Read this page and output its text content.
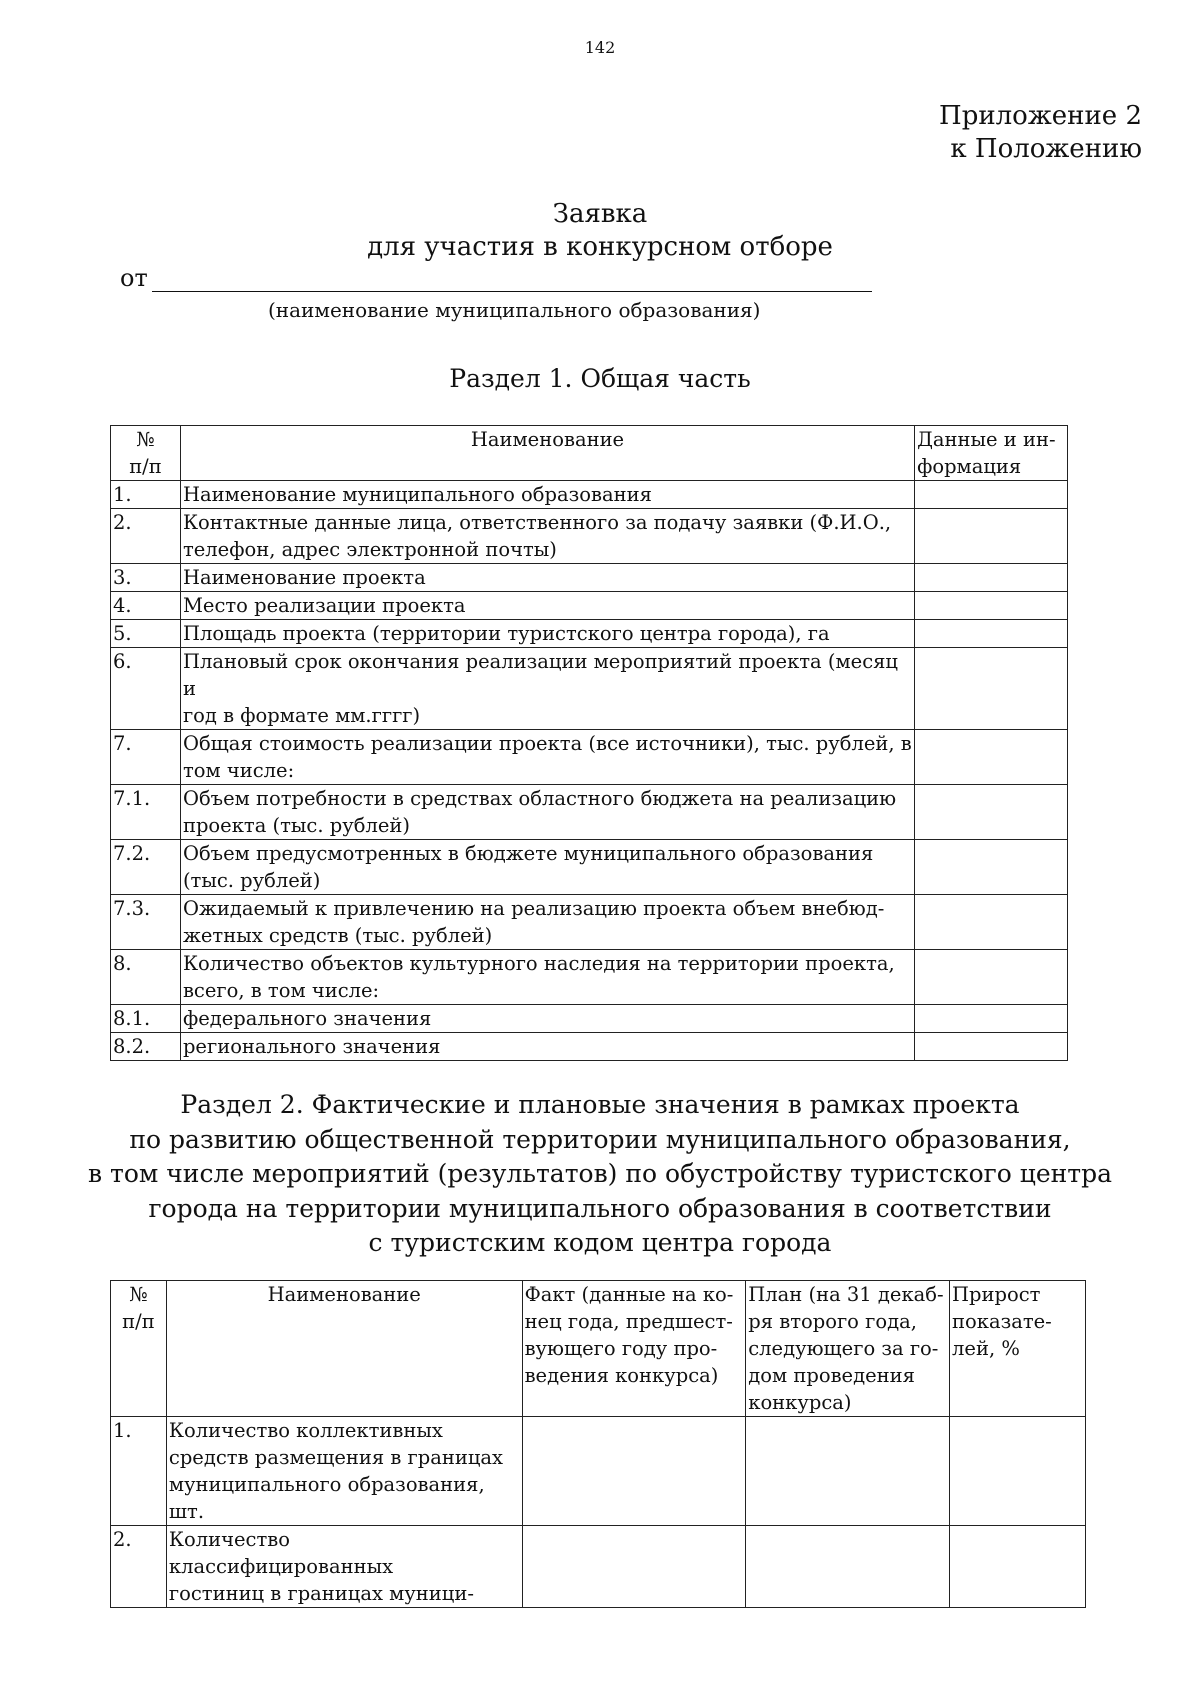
142
Приложение 2
к Положению
Заявка
для участия в конкурсном отборе
от
(наименование муниципального образования)
Раздел 1. Общая часть
№
п/п	Наименование	Данные и ин-
формация
1.	Наименование муниципального образования	
2.	Контактные данные лица, ответственного за подачу заявки (Ф.И.О.,
телефон, адрес электронной почты)	
3.	Наименование проекта	
4.	Место реализации проекта	
5.	Площадь проекта (территории туристского центра города), га	
6.	Плановый срок окончания реализации мероприятий проекта (месяц и
год в формате мм.гггг)	
7.	Общая стоимость реализации проекта (все источники), тыс. рублей, в
том числе:	
7.1.	Объем потребности в средствах областного бюджета на реализацию
проекта (тыс. рублей)	
7.2.	Объем предусмотренных в бюджете муниципального образования
(тыс. рублей)	
7.3.	Ожидаемый к привлечению на реализацию проекта объем внебюд-
жетных средств (тыс. рублей)	
8.	Количество объектов культурного наследия на территории проекта,
всего, в том числе:	
8.1.	федерального значения	
8.2.	регионального значения	
Раздел 2. Фактические и плановые значения в рамках проекта
по развитию общественной территории муниципального образования,
в том числе мероприятий (результатов) по обустройству туристского центра
города на территории муниципального образования в соответствии
с туристским кодом центра города
№
п/п	Наименование	Факт (данные на ко-
нец года, предшест-
вующего году про-
ведения конкурса)	План (на 31 декаб-
ря второго года,
следующего за го-
дом проведения
конкурса)	Прирост
показате-
лей, %
1.	Количество коллективных
средств размещения в границах
муниципального образования, шт.			
2.	Количество классифицированных
гостиниц в границах муници-			
